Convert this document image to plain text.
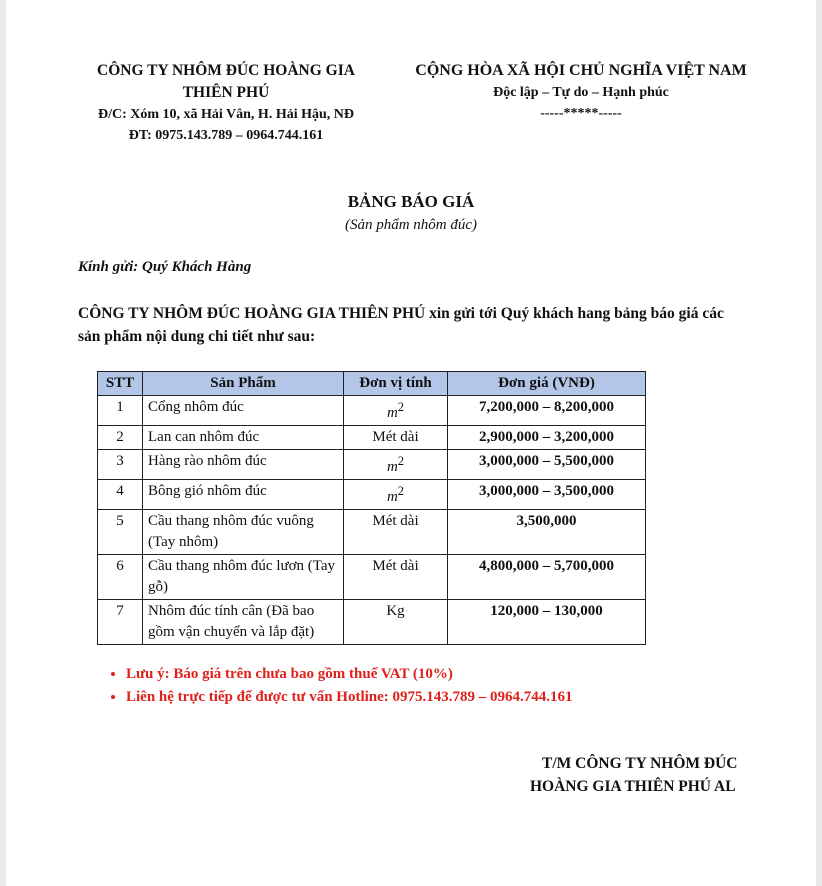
CÔNG TY NHÔM ĐÚC HOÀNG GIA
THIÊN PHÚ
Đ/C: Xóm 10, xã Hải Vân, H. Hải Hậu, NĐ
ĐT: 0975.143.789 – 0964.744.161
CỘNG HÒA XÃ HỘI CHỦ NGHĨA VIỆT NAM
Độc lập – Tự do – Hạnh phúc
-----*****-----
BẢNG BÁO GIÁ
(Sản phẩm nhôm đúc)
Kính gửi: Quý Khách Hàng
CÔNG TY NHÔM ĐÚC HOÀNG GIA THIÊN PHÚ xin gửi tới Quý khách hang bảng báo giá các sản phẩm nội dung chi tiết như sau:
STT	Sản Phẩm	Đơn vị tính	Đơn giá (VNĐ)
1	Cổng nhôm đúc	$m^2$	7,200,000 – 8,200,000
2	Lan can nhôm đúc	Mét dài	2,900,000 – 3,200,000
3	Hàng rào nhôm đúc	$m^2$	3,000,000 – 5,500,000
4	Bông gió nhôm đúc	$m^2$	3,000,000 – 3,500,000
5	Cầu thang nhôm đúc vuông (Tay nhôm)	Mét dài	3,500,000
6	Cầu thang nhôm đúc lươn (Tay gỗ)	Mét dài	4,800,000 – 5,700,000
7	Nhôm đúc tính cân (Đã bao gồm vận chuyển và lắp đặt)	Kg	120,000 – 130,000
• Lưu ý: Báo giá trên chưa bao gồm thuế VAT (10%)
• Liên hệ trực tiếp để được tư vấn Hotline: 0975.143.789 – 0964.744.161
T/M CÔNG TY NHÔM ĐÚC
HOÀNG GIA THIÊN PHÚ AL
